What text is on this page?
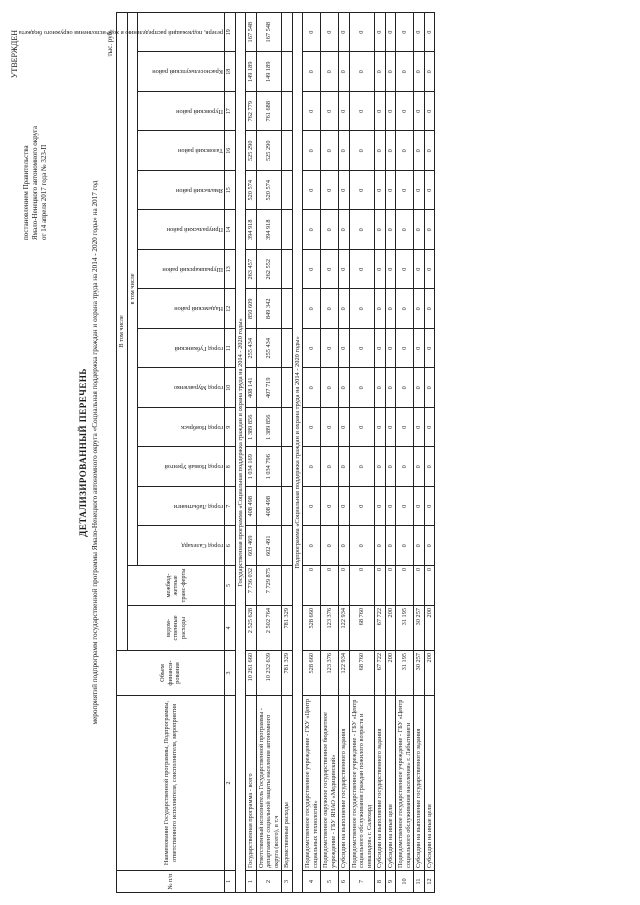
УТВЕРЖДЕН
постановлением Правительства Ямало-Ненецкого автономного округа от 14 апреля 2017 года № 323-П
ДЕТАЛИЗИРОВАННЫЙ ПЕРЕЧЕНЬ мероприятий подпрограмм государственной программы Ямало-Ненецкого автономного округа «Социальная поддержка граждан и охрана труда на 2014 - 2020 годы» на 2017 год
тыс. руб.
№ п/п	Наименование Государственной программы, Подпрограммы, ответственного исполнителя, соисполнителя, мероприятия	Объем финанси-рования	В том числе															
			ведом-ственные расходы	межбюд-жетные транс-ферты	в том числе													

					город Салехард	город Лабытнанги	город Новый Уренгой	город Ноябрьск	город Муравленко	город Губкинский	Надымский район	Шурышкарский район	Приуральский район	Ямальский район	Тазовский район	Пуровский район	Красноселькупский район	резерв, подлежащий распределению в ходе исполнения окружного бюджета

1	2	3	4	5	6	7	8	9	10	11	12	13	14	15	16	17	18	19
Государственная программа «Социальная поддержка граждан и охрана труда на 2014 - 2020 годы»																		
1	Государственная программа - всего	10 261 660	2 525 628	7 736 032	603 469	408 498	1 034 169	1 389 856	408 141	255 434	850 609	263 457	394 918	520 574	525 290	762 779	149 189	167 548
2	Ответственный исполнитель Государственной программы - департамент социальной защиты населения автономного округа (всего), в т.ч	10 232 639	2 502 764	7 729 875	602 491	408 498	1 034 796	1 389 856	407 719	255 434	849 342	262 552	394 918	520 574	525 290	761 688	149 189	167 548
3	Ведомственные расходы	781 329	781 329															
Подпрограмма «Социальная поддержка граждан и охрана труда на 2014 - 2020 годы»																		
4	Подведомственное государственное учреждение - ГКУ «Центр социальных технологий»	528 660	528 660	0	0	0	0	0	0	0	0	0	0	0	0	0	0	0
5	Подведомственное окружное государственное бюджетное учреждение - ГБУ ЯНАО «Медицинский»	123 376	123 376	0	0	0	0	0	0	0	0	0	0	0	0	0	0	0
6	Субсидии на выполнение государственного задания	122 934	122 934	0	0	0	0	0	0	0	0	0	0	0	0	0	0	0
7	Подведомственное государственное учреждение - ГБУ «Центр социального обслуживания граждан пожилого возраста и инвалидов» г. Салехард	68 760	68 760	0	0	0	0	0	0	0	0	0	0	0	0	0	0	0
8	Субсидии на выполнение государственного задания	67 722	67 722	0	0	0	0	0	0	0	0	0	0	0	0	0	0	0
9	Субсидии на иные цели	200	200	0	0	0	0	0	0	0	0	0	0	0	0	0	0	0
10	Подведомственное государственное учреждение - ГБУ «Центр социального обслуживания населения» г. Лабытнанги	31 195	31 195	0	0	0	0	0	0	0	0	0	0	0	0	0	0	0
11	Субсидии на выполнение государственного задания	30 257	30 257	0	0	0	0	0	0	0	0	0	0	0	0	0	0	0
12	Субсидии на иные цели	200	200	0	0	0	0	0	0	0	0	0	0	0	0	0	0	0
